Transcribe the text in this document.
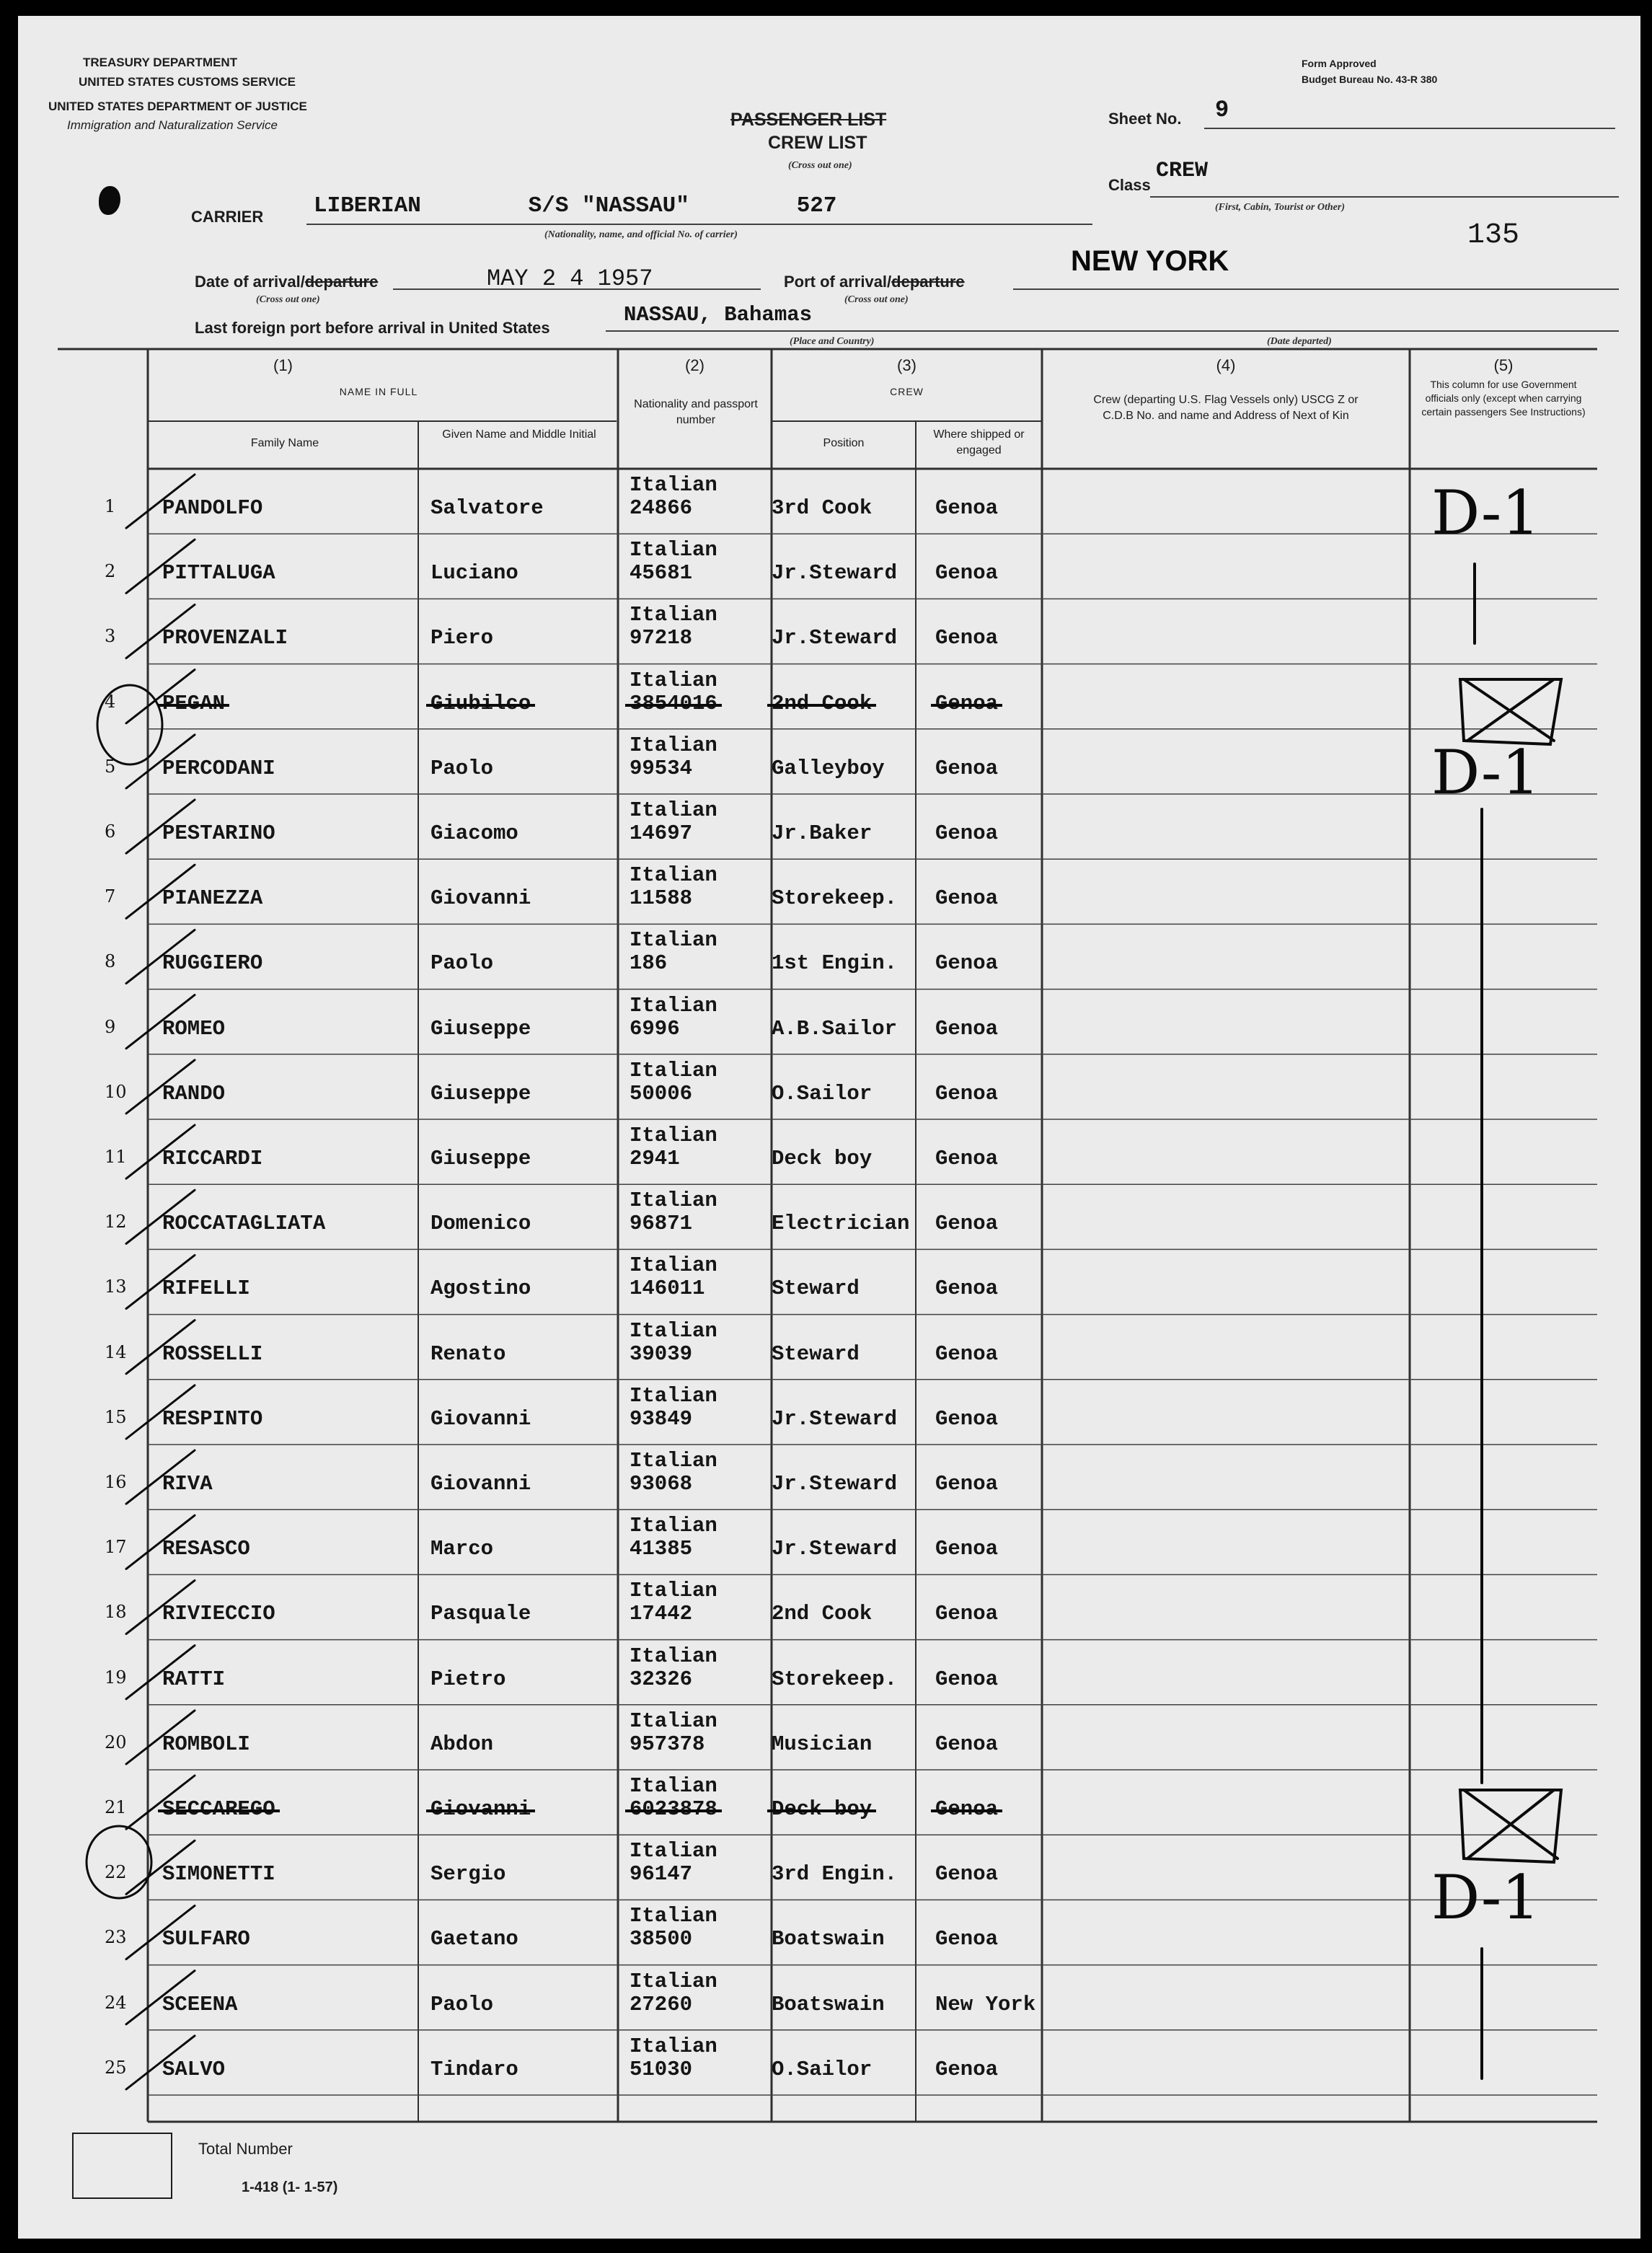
TREASURY DEPARTMENT
UNITED STATES CUSTOMS SERVICE
UNITED STATES DEPARTMENT OF JUSTICE
Immigration and Naturalization Service
Form Approved
Budget Bureau No. 43-R 380
PASSENGER LIST
CREW LIST
(Cross out one)
Sheet No. 9
Class
CREW
(First, Cabin, Tourist or Other)
135
CARRIER LIBERIAN        S/S "NASSAU"        527
(Nationality, name, and official No. of carrier)
Date of arrival/departure
(Cross out one)
MAY 2 4 1957	Port of arrival/departure
(Cross out one)
NEW YORK
Last foreign port before arrival in United States
NASSAU, Bahamas
(Place and Country)	(Date departed)
(1)
NAME IN FULL
Family Name
Given Name and Middle Initial
(2)
Nationality and passport number
(3)
CREW
Position
Where shipped or engaged
(4)
Crew (departing U.S. Flag Vessels only) USCG Z or C.D.B No. and name and Address of Next of Kin
(5)
This column for use Government officials only (except when carrying certain passengers See Instructions)
1 PANDOLFO	Salvatore
Italian
24866	3rd Cook	Genoa
2 PITTALUGA	Luciano
Italian
45681	Jr.Steward Genoa
3 PROVENZALI	Piero
Italian
97218	Jr.Steward Genoa
4 PEGAN	Giubilco
Italian
3854016	2nd Cook	Genoa
5 PERCODANI	Paolo
Italian
99534	Galleyboy Genoa
6 PESTARINO	Giacomo
Italian
14697	Jr.Baker	Genoa
7 PIANEZZA	Giovanni
Italian
11588	Storekeep. Genoa
8 RUGGIERO	Paolo
Italian
186	1st Engin. Genoa
9 ROMEO	Giuseppe
Italian
6996	A.B.Sailor Genoa
10 RANDO	Giuseppe
Italian
50006	O.Sailor	Genoa
11 RICCARDI	Giuseppe
Italian
2941	Deck boy	Genoa
12 ROCCATAGLIATA	Domenico
Italian
96871	Electrician Genoa
13 RIFELLI	Agostino
Italian
146011	Steward	Genoa
14 ROSSELLI	Renato
Italian
39039	Steward	Genoa
15 RESPINTO	Giovanni
Italian
93849	Jr.Steward Genoa
16 RIVA	Giovanni
Italian
93068	Jr.Steward Genoa
17 RESASCO	Marco
Italian
41385	Jr.Steward Genoa
18 RIVIECCIO	Pasquale
Italian
17442	2nd Cook	Genoa
19 RATTI	Pietro
Italian
32326	Storekeep. Genoa
20 ROMBOLI	Abdon
Italian
957378	Musician	Genoa
21 SECCAREGO	Giovanni
Italian
6023878	Deck boy	Genoa
22 SIMONETTI	Sergio
Italian
96147	3rd Engin. Genoa
23 SULFARO	Gaetano
Italian
38500	Boatswain Genoa
24 SCEENA	Paolo
Italian
27260	Boatswain New York
25 SALVO	Tindaro
Italian
51030	O.Sailor	Genoa
D-1
D-1
D-1
Total Number
1-418 (1- 1-57)
